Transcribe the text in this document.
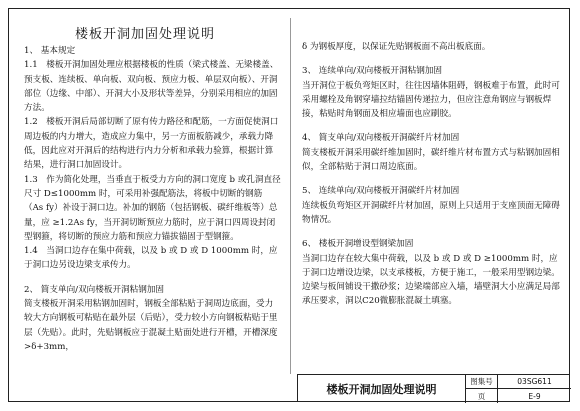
楼板开洞加固处理说明

1、 基本规定

1.1　楼板开洞加固处理应根据楼板的性质（梁式楼盖、无梁楼盖、预支板、连续板、单向板、双向板、预应力板、单层双向板）、开洞部位（边缘、中部）、开洞大小及形状等差异，分别采用相应的加固方法。

1.2　楼板开洞后局部切断了原有传力路径和配筋，一方面促使洞口周边板的内力增大，造成应力集中，另一方面板筋减少，承载力降低，因此应对开洞后的结构进行内力分析和承载力验算，根据计算结果，进行洞口加固设计。

1.3　作为简化处理，当垂直于板受力方向的洞口宽度 b 或孔洞直径尺寸 D≤1000mm 时，可采用补强配筋法，将板中切断的钢筋（As fy）补设于洞口边。补加的钢筋（包括钢板、碳纤维板等）总量，应 ≥1.2As fy，当开洞切断预应力筋时，应于洞口四周设封闭型钢箍，将切断的预应力筋和预应力锚拔锚固于型钢箍。

1.4　当洞口边存在集中荷载，以及 b 或 D 或 D 1000mm 时，应于洞口边另设边梁支承传力。

2、 简支单向/双向楼板开洞粘钢加固

简支楼板开洞采用粘钢加固时，钢板全部粘贴于洞周边底面，受力较大方向钢板可粘贴在最外层（后贴），受力较小方向钢板粘贴于里层（先贴）。此时，先贴钢板应于混凝土贴面处进行开槽，开槽深度 >δ+3mm，

δ 为钢板厚度，以保证先贴钢板面不高出板底面。

3、 连续单向/双向楼板开洞粘钢加固

当开洞位于板负弯矩区时，往往因墙体阻碍，钢板难于布置，此时可采用螺栓及角钢穿墙拉结锚固传递拉力，但应注意角钢应与钢板焊接，粘贴时角钢面及相应墙面也应刷胶。

4、 简支单向/双向楼板开洞碳纤片材加固

简支楼板开洞采用碳纤维加固时，碳纤维片材布置方式与粘钢加固相似，全部粘贴于洞口周边底面。

5、 连续单向/双向楼板开洞碳纤片材加固

连续板负弯矩区开洞碳纤片材加固，原则上只适用于支座顶面无障碍物情况。

6、 楼板开洞增设型钢梁加固

当洞口边存在较大集中荷载，以及 b 或 D 或 D ≥1000mm 时，应于洞口边增设边梁，以支承楼板，方便于施工，一般采用型钢边梁。边梁与板间铺设干撒砂浆；边梁端部应入墙，墙壁洞大小应满足局部承压要求，洞以C20微膨胀混凝土填塞。

楼板开洞加固处理说明
图集号	03SG611
页	E-9
